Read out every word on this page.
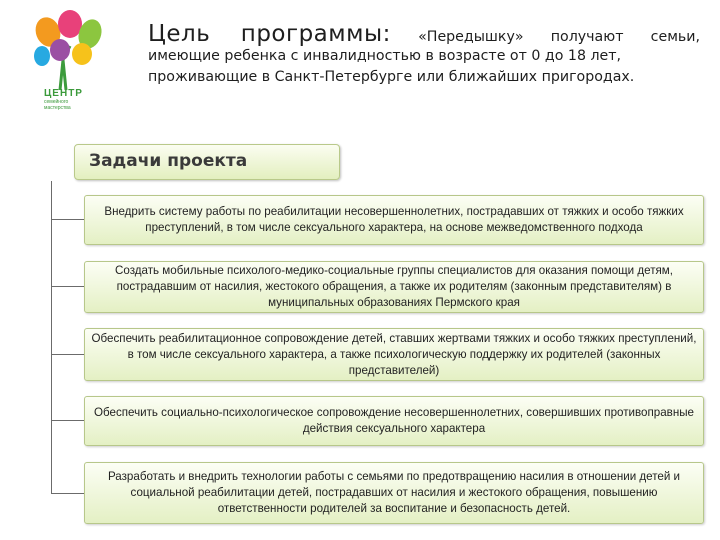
ЦЕНТР
семейного
мастерства

Цель программы: «Передышку» получают семьи,

имеющие ребенка с инвалидностью в возрасте от 0 до 18 лет,

проживающие в Санкт-Петербурге или ближайших пригородах.

Задачи проекта
Внедрить систему работы по реабилитации несовершеннолетних, пострадавших от тяжких и особо тяжких преступлений, в том числе сексуального характера, на основе межведомственного подхода
Создать мобильные психолого-медико-социальные группы специалистов для оказания помощи детям, пострадавшим от насилия, жестокого обращения, а также их родителям (законным представителям) в муниципальных образованиях Пермского края
Обеспечить реабилитационное сопровождение детей, ставших жертвами тяжких и особо тяжких преступлений, в том числе сексуального характера, а также психологическую поддержку их родителей (законных представителей)
Обеспечить социально-психологическое сопровождение несовершеннолетних, совершивших противоправные действия сексуального характера
Разработать и внедрить технологии работы с семьями по предотвращению насилия в отношении детей и социальной реабилитации детей, пострадавших от насилия и жестокого обращения, повышению ответственности родителей за воспитание и безопасность детей.
